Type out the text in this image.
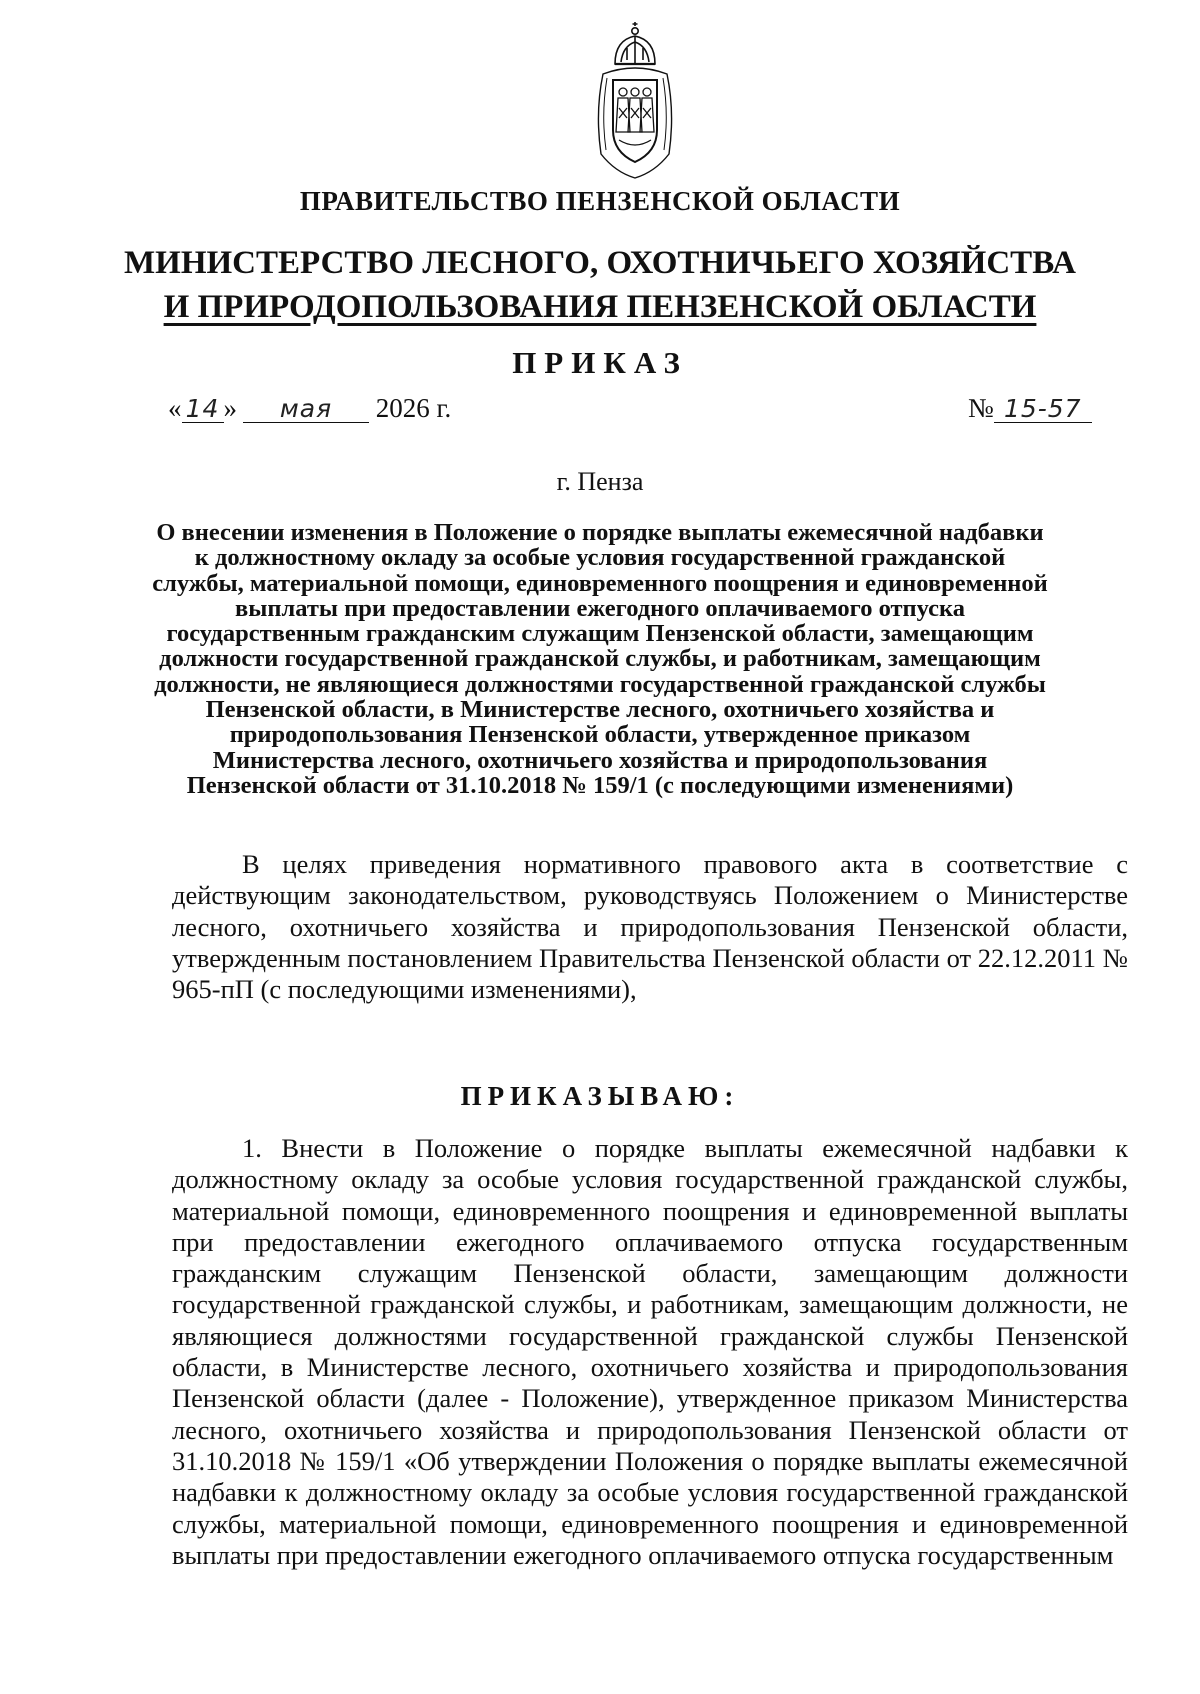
ПРАВИТЕЛЬСТВО ПЕНЗЕНСКОЙ ОБЛАСТИ
МИНИСТЕРСТВО ЛЕСНОГО, ОХОТНИЧЬЕГО ХОЗЯЙСТВА
И ПРИРОДОПОЛЬЗОВАНИЯ ПЕНЗЕНСКОЙ ОБЛАСТИ
ПРИКАЗ
« 14 » мая 2026 г.	№ 15-57
г. Пенза
О внесении изменения в Положение о порядке выплаты ежемесячной надбавки к должностному окладу за особые условия государственной гражданской службы, материальной помощи, единовременного поощрения и единовременной выплаты при предоставлении ежегодного оплачиваемого отпуска государственным гражданским служащим Пензенской области, замещающим должности государственной гражданской службы, и работникам, замещающим должности, не являющиеся должностями государственной гражданской службы Пензенской области, в Министерстве лесного, охотничьего хозяйства и природопользования Пензенской области, утвержденное приказом Министерства лесного, охотничьего хозяйства и природопользования Пензенской области от 31.10.2018 № 159/1 (с последующими изменениями)
В целях приведения нормативного правового акта в соответствие с действующим законодательством, руководствуясь Положением о Министерстве лесного, охотничьего хозяйства и природопользования Пензенской области, утвержденным постановлением Правительства Пензенской области от 22.12.2011 № 965-пП (с последующими изменениями),
ПРИКАЗЫВАЮ:
1. Внести в Положение о порядке выплаты ежемесячной надбавки к должностному окладу за особые условия государственной гражданской службы, материальной помощи, единовременного поощрения и единовременной выплаты при предоставлении ежегодного оплачиваемого отпуска государственным гражданским служащим Пензенской области, замещающим должности государственной гражданской службы, и работникам, замещающим должности, не являющиеся должностями государственной гражданской службы Пензенской области, в Министерстве лесного, охотничьего хозяйства и природопользования Пензенской области (далее - Положение), утвержденное приказом Министерства лесного, охотничьего хозяйства и природопользования Пензенской области от 31.10.2018 № 159/1 «Об утверждении Положения о порядке выплаты ежемесячной надбавки к должностному окладу за особые условия государственной гражданской службы, материальной помощи, единовременного поощрения и единовременной выплаты при предоставлении ежегодного оплачиваемого отпуска государственным
